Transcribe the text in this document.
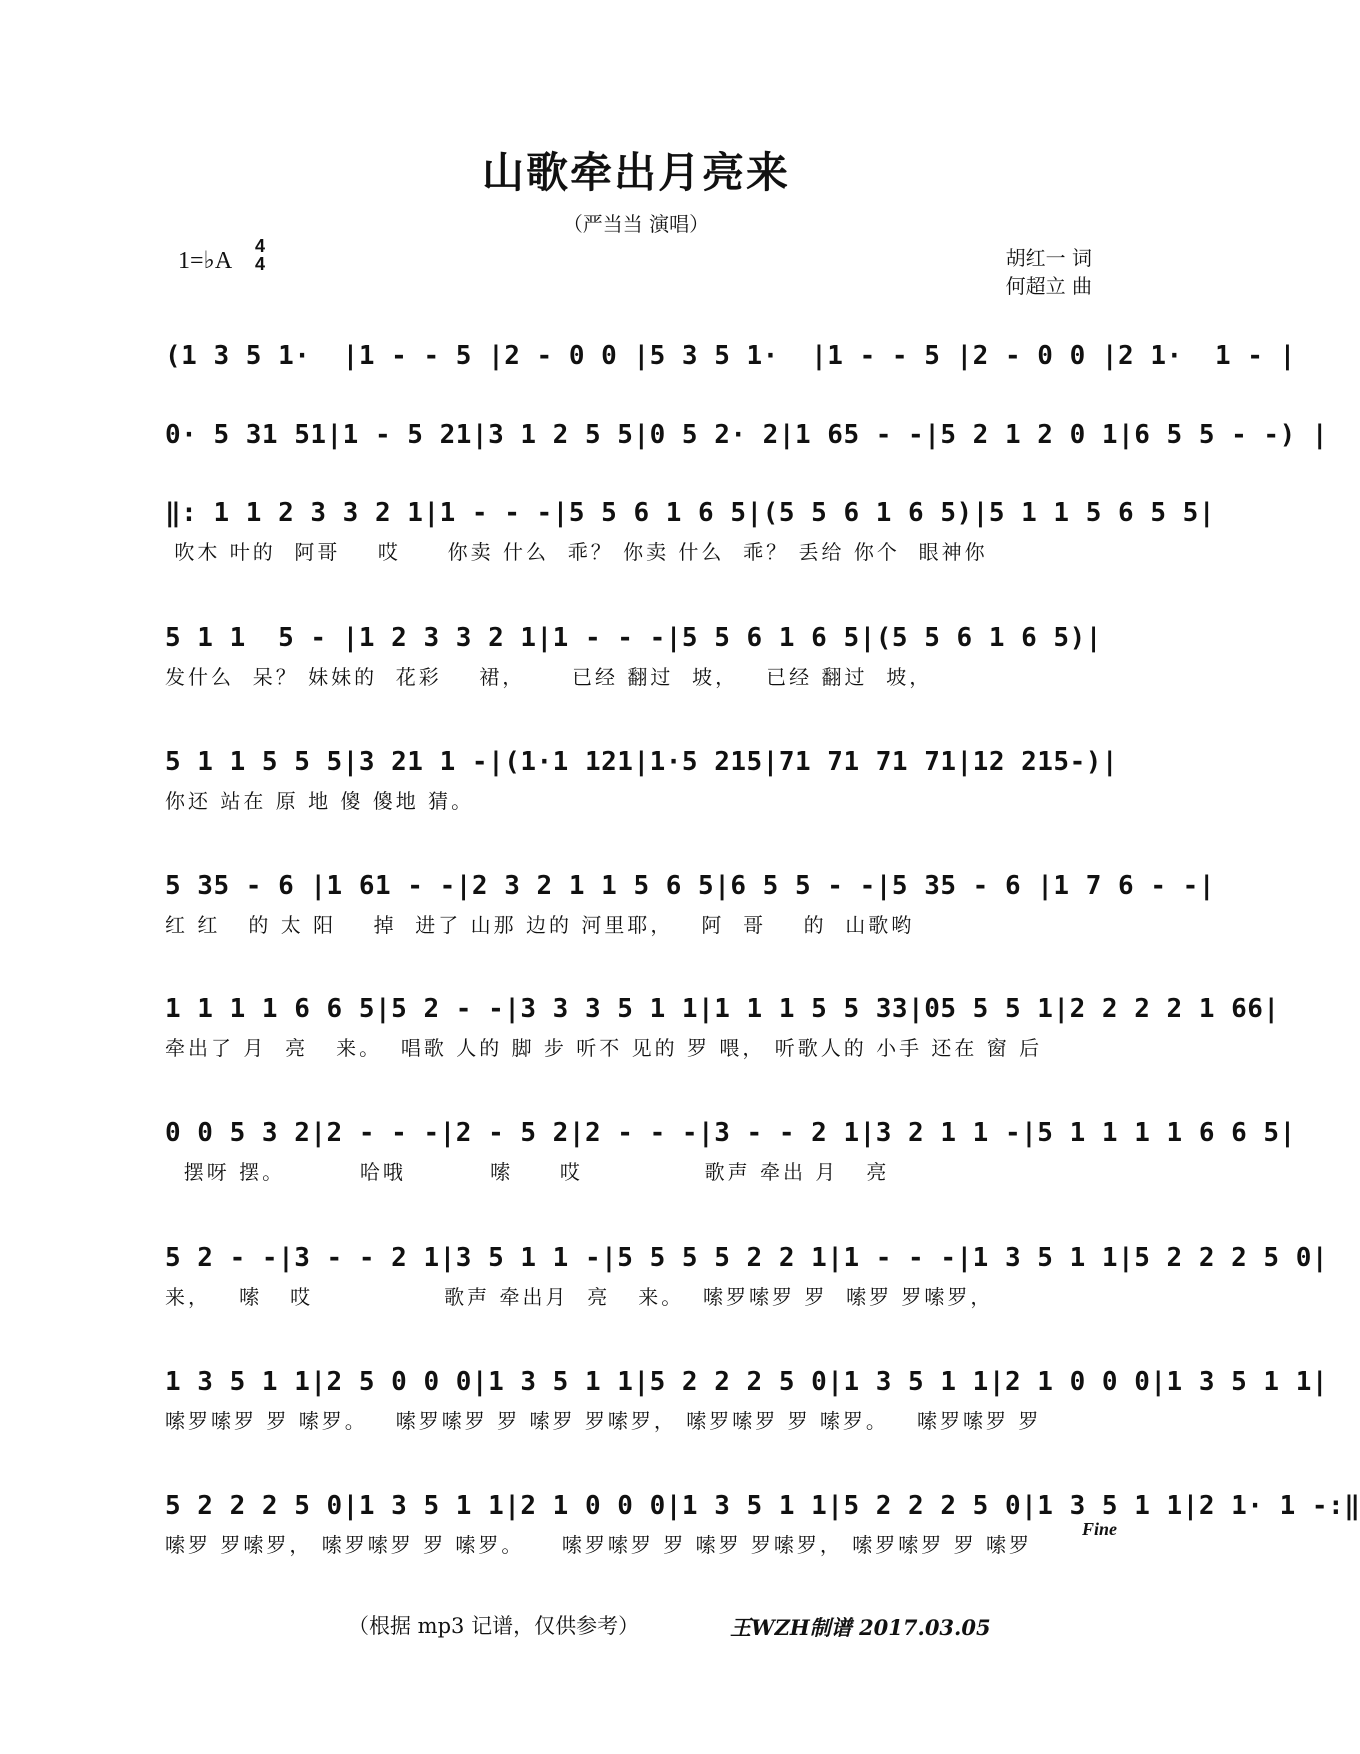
山歌牵出月亮来
（严当当 演唱）
1=♭A
4
4	胡红一 词
何超立 曲
(1 3 5 1·  |1 - - 5 |2 - 0 0 |5 3 5 1·  |1 - - 5 |2 - 0 0 |2 1·  1 - |
0· 5 31 51|1 - 5 21|3 1 2 5 5|0 5 2· 2|1 65 - -|5 2 1 2 0 1|6 5 5 - -) |
‖: 1 1 2 3 3 2 1|1 - - -|5 5 6 1 6 5|(5 5 6 1 6 5)|5 1 1 5 6 5 5|
吹木 叶的  阿哥    哎     你卖 什么  乖？ 你卖 什么  乖？ 丢给 你个  眼神你
5 1 1  5 - |1 2 3 3 2 1|1 - - -|5 5 6 1 6 5|(5 5 6 1 6 5)|
发什么  呆？ 妹妹的  花彩    裙，     已经 翻过  坡，   已经 翻过  坡，
5 1 1 5 5 5|3 21 1 -|(1·1 121|1·5 215|71 71 71 71|12 215-)|
你还 站在 原 地 傻 傻地 猜。
5 35 - 6 |1 61 - -|2 3 2 1 1 5 6 5|6 5 5 - -|5 35 - 6 |1 7 6 - -|
红 红   的 太 阳    掉  进了 山那 边的 河里耶，   阿  哥    的  山歌哟
1 1 1 1 6 6 5|5 2 - -|3 3 3 5 1 1|1 1 1 5 5 33|05 5 5 1|2 2 2 2 1 66|
牵出了 月  亮   来。  唱歌 人的 脚 步 听不 见的 罗 喂， 听歌人的 小手 还在 窗 后
0 0 5 3 2|2 - - -|2 - 5 2|2 - - -|3 - - 2 1|3 2 1 1 -|5 1 1 1 1 6 6 5|
摆呀 摆。        哈哦         嗦     哎             歌声 牵出 月   亮
5 2 - -|3 - - 2 1|3 5 1 1 -|5 5 5 5 2 2 1|1 - - -|1 3 5 1 1|5 2 2 2 5 0|
来，   嗦   哎              歌声 牵出月  亮   来。  嗦罗嗦罗 罗  嗦罗 罗嗦罗，
1 3 5 1 1|2 5 0 0 0|1 3 5 1 1|5 2 2 2 5 0|1 3 5 1 1|2 1 0 0 0|1 3 5 1 1|
嗦罗嗦罗 罗 嗦罗。   嗦罗嗦罗 罗 嗦罗 罗嗦罗， 嗦罗嗦罗 罗 嗦罗。   嗦罗嗦罗 罗
5 2 2 2 5 0|1 3 5 1 1|2 1 0 0 0|1 3 5 1 1|5 2 2 2 5 0|1 3 5 1 1|2 1· 1 -:‖
嗦罗 罗嗦罗， 嗦罗嗦罗 罗 嗦罗。    嗦罗嗦罗 罗 嗦罗 罗嗦罗， 嗦罗嗦罗 罗 嗦罗
Fine
（根据 mp3 记谱，仅供参考）	王WZH制谱 2017.03.05
